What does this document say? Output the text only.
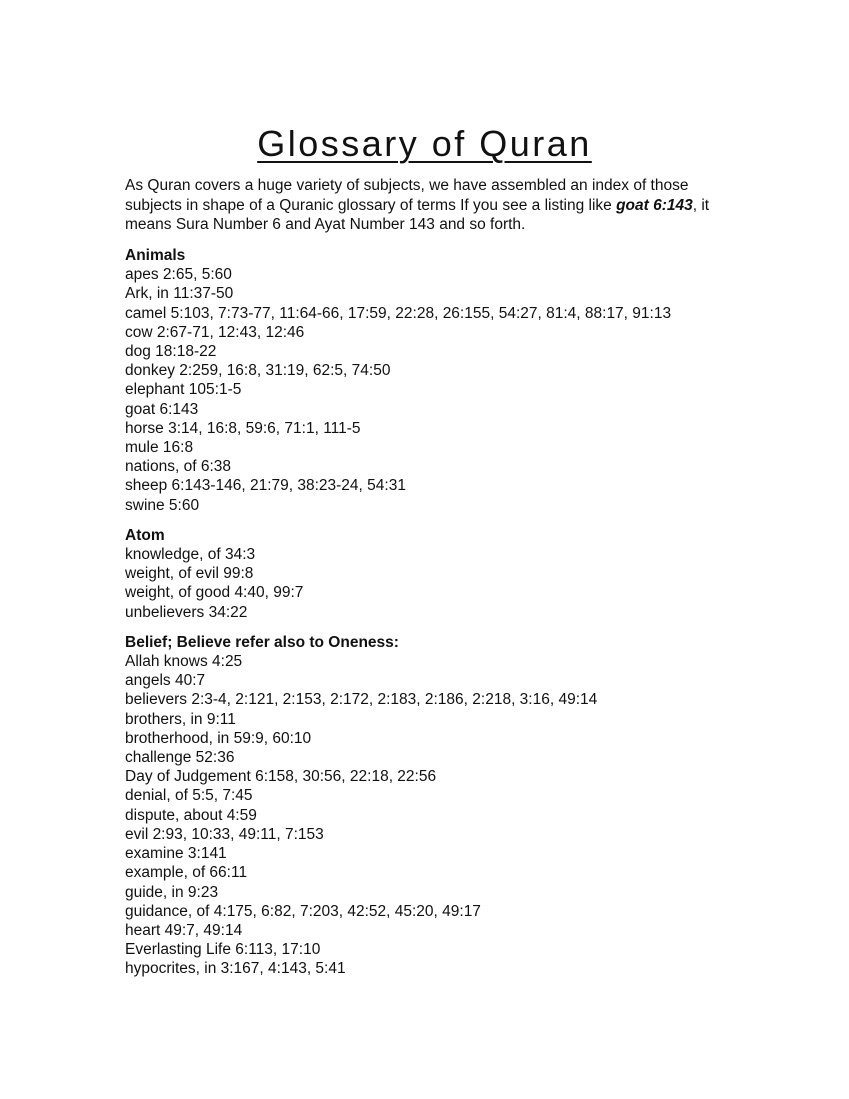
Glossary of Quran

As Quran covers a huge variety of subjects, we have assembled an index of those subjects in shape of a Quranic glossary of terms If you see a listing like goat 6:143, it means Sura Number 6 and Ayat Number 143 and so forth.

Animals
apes 2:65, 5:60
Ark, in 11:37-50
camel 5:103, 7:73-77, 11:64-66, 17:59, 22:28, 26:155, 54:27, 81:4, 88:17, 91:13
cow 2:67-71, 12:43, 12:46
dog 18:18-22
donkey 2:259, 16:8, 31:19, 62:5, 74:50
elephant 105:1-5
goat 6:143
horse 3:14, 16:8, 59:6, 71:1, 111-5
mule 16:8
nations, of 6:38
sheep 6:143-146, 21:79, 38:23-24, 54:31
swine 5:60
Atom
knowledge, of 34:3
weight, of evil 99:8
weight, of good 4:40, 99:7
unbelievers 34:22
Belief; Believe refer also to Oneness:
Allah knows 4:25
angels 40:7
believers 2:3-4, 2:121, 2:153, 2:172, 2:183, 2:186, 2:218, 3:16, 49:14
brothers, in 9:11
brotherhood, in 59:9, 60:10
challenge 52:36
Day of Judgement 6:158, 30:56, 22:18, 22:56
denial, of 5:5, 7:45
dispute, about 4:59
evil 2:93, 10:33, 49:11, 7:153
examine 3:141
example, of 66:11
guide, in 9:23
guidance, of 4:175, 6:82, 7:203, 42:52, 45:20, 49:17
heart 49:7, 49:14
Everlasting Life 6:113, 17:10
hypocrites, in 3:167, 4:143, 5:41
